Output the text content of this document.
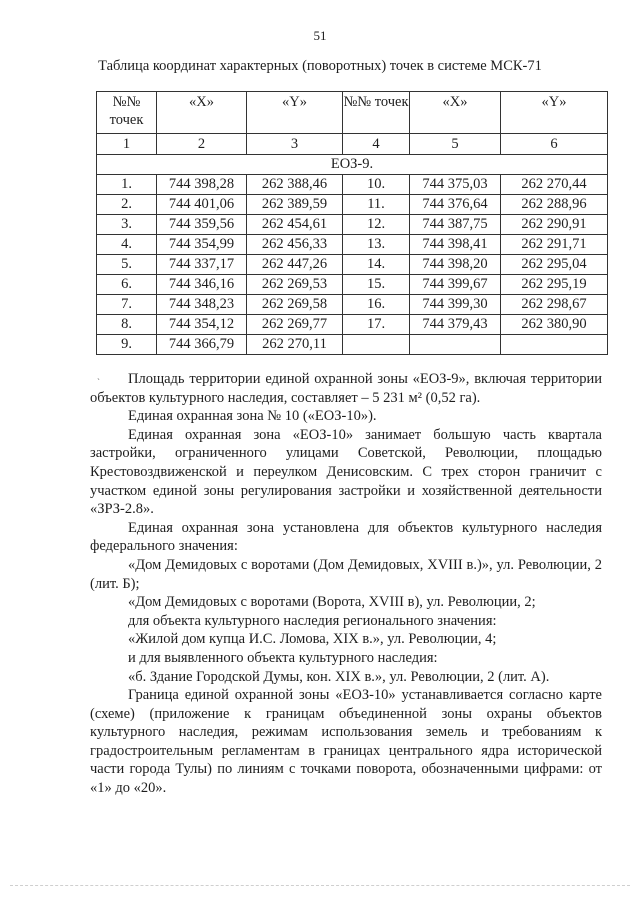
51
Таблица координат характерных (поворотных) точек в системе МСК-71
№№ точек	«X»	«Y»	№№ точек	«X»	«Y»
1	2	3	4	5	6
ЕОЗ-9.					
1.	744 398,28	262 388,46	10.	744 375,03	262 270,44
2.	744 401,06	262 389,59	11.	744 376,64	262 288,96
3.	744 359,56	262 454,61	12.	744 387,75	262 290,91
4.	744 354,99	262 456,33	13.	744 398,41	262 291,71
5.	744 337,17	262 447,26	14.	744 398,20	262 295,04
6.	744 346,16	262 269,53	15.	744 399,67	262 295,19
7.	744 348,23	262 269,58	16.	744 399,30	262 298,67
8.	744 354,12	262 269,77	17.	744 379,43	262 380,90
9.	744 366,79	262 270,11			
`	Площадь территории единой охранной зоны «ЕОЗ-9», включая территории объектов культурного наследия, составляет – 5 231 м² (0,52 га).

Единая охранная зона № 10 («ЕОЗ-10»).

Единая охранная зона «ЕОЗ-10» занимает большую часть квартала застройки, ограниченного улицами Советской, Революции, площадью Крестовоздвиженской и переулком Денисовским. С трех сторон граничит с участком единой зоны регулирования застройки и хозяйственной деятельности «ЗРЗ-2.8».

Единая охранная зона установлена для объектов культурного наследия федерального значения:

«Дом Демидовых с воротами (Дом Демидовых, XVIII в.)», ул. Революции, 2 (лит. Б);

«Дом Демидовых с воротами (Ворота, XVIII в), ул. Революции, 2;

для объекта культурного наследия регионального значения:

«Жилой дом купца И.С. Ломова, XIX в.», ул. Революции, 4;

и для выявленного объекта культурного наследия:

«б. Здание Городской Думы, кон. XIX в.», ул. Революции, 2 (лит. А).

Граница единой охранной зоны «ЕОЗ-10» устанавливается согласно карте (схеме) (приложение к границам объединенной зоны охраны объектов культурного наследия, режимам использования земель и требованиям к градостроительным регламентам в границах центрального ядра исторической части города Тулы) по линиям с точками поворота, обозначенными цифрами: от «1» до «20».
